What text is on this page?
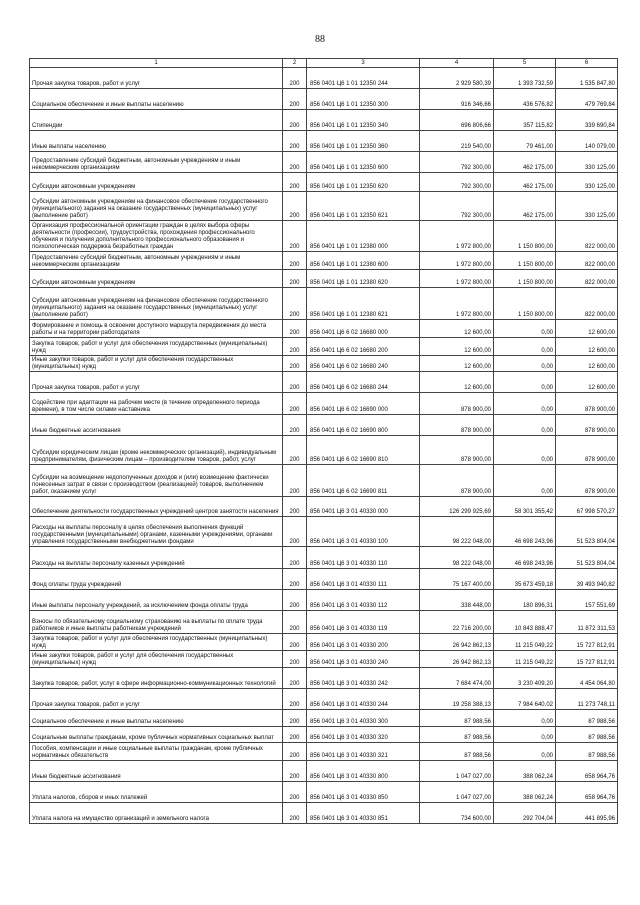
88
1	2	3	4	5	6
Прочая закупка товаров, работ и услуг	200	856 0401 Ц6 1 01 12350 244	2 929 580,39	1 393 732,59	1 535 847,80
Социальное обеспечение и иные выплаты населению	200	856 0401 Ц6 1 01 12350 300	916 346,66	436 576,82	479 769,84
Стипендии	200	856 0401 Ц6 1 01 12350 340	696 806,66	357 115,82	339 690,84
Иные выплаты населению	200	856 0401 Ц6 1 01 12350 360	219 540,00	79 461,00	140 079,00
Предоставление субсидий бюджетным, автономным учреждениям и иным некоммерческим организациям	200	856 0401 Ц6 1 01 12350 600	792 300,00	462 175,00	330 125,00
Субсидии автономным учреждениям	200	856 0401 Ц6 1 01 12350 620	792 300,00	462 175,00	330 125,00
Субсидии автономным учреждениям на финансовое обеспечение государственного (муниципального) задания на оказание государственных (муниципальных) услуг (выполнение работ)	200	856 0401 Ц6 1 01 12350 621	792 300,00	462 175,00	330 125,00
Организация профессиональной ориентации граждан в целях выбора сферы деятельности (профессии), трудоустройства, прохождения профессионального обучения и получения дополнительного профессионального образования и психологическая поддержка безработных граждан	200	856 0401 Ц6 1 01 12380 000	1 972 800,00	1 150 800,00	822 000,00
Предоставление субсидий бюджетным, автономным учреждениям и иным некоммерческим организациям	200	856 0401 Ц6 1 01 12380 600	1 972 800,00	1 150 800,00	822 000,00
Субсидии автономным учреждениям	200	856 0401 Ц6 1 01 12380 620	1 972 800,00	1 150 800,00	822 000,00
Субсидии автономным учреждениям на финансовое обеспечение государственного (муниципального) задания на оказание государственных (муниципальных) услуг (выполнение работ)	200	856 0401 Ц6 1 01 12380 621	1 972 800,00	1 150 800,00	822 000,00
Формирование и помощь в освоении доступного маршрута передвижения до места работы и на территории работодателя	200	856 0401 Ц6 6 02 16680 000	12 600,00	0,00	12 600,00
Закупка товаров, работ и услуг для обеспечения государственных (муниципальных) нужд	200	856 0401 Ц6 6 02 16680 200	12 600,00	0,00	12 600,00
Иные закупки товаров, работ и услуг для обеспечения государственных (муниципальных) нужд	200	856 0401 Ц6 6 02 16680 240	12 600,00	0,00	12 600,00
Прочая закупка товаров, работ и услуг	200	856 0401 Ц6 6 02 16680 244	12 600,00	0,00	12 600,00
Содействие при адаптации на рабочем месте (в течение определенного периода времени), в том числе силами наставника	200	856 0401 Ц6 6 02 16690 000	878 900,00	0,00	878 900,00
Иные бюджетные ассигнования	200	856 0401 Ц6 6 02 16690 800	878 900,00	0,00	878 900,00
Субсидии юридическим лицам (кроме некоммерческих организаций), индивидуальным предпринимателям, физическим лицам – производителям товаров, работ, услуг	200	856 0401 Ц6 6 02 16690 810	878 900,00	0,00	878 900,00
Субсидии на возмещение недополученных доходов и (или) возмещение фактически понесенных затрат в связи с производством (реализацией) товаров, выполнением работ, оказанием услуг	200	856 0401 Ц6 6 02 16690 811	878 900,00	0,00	878 900,00
Обеспечение деятельности государственных учреждений центров занятости населения	200	856 0401 Ц6 3 01 40330 000	126 299 925,69	58 301 355,42	67 998 570,27
Расходы на выплаты персоналу в целях обеспечения выполнения функций государственными (муниципальными) органами, казенными учреждениями, органами управления государственными внебюджетными фондами	200	856 0401 Ц6 3 01 40330 100	98 222 048,00	46 698 243,96	51 523 804,04
Расходы на выплаты персоналу казенных учреждений	200	856 0401 Ц6 3 01 40330 110	98 222 048,00	46 698 243,96	51 523 804,04
Фонд оплаты труда учреждений	200	856 0401 Ц6 3 01 40330 111	75 167 400,00	35 673 459,18	39 493 940,82
Иные выплаты персоналу учреждений, за исключением фонда оплаты труда	200	856 0401 Ц6 3 01 40330 112	338 448,00	180 896,31	157 551,69
Взносы по обязательному социальному страхованию на выплаты по оплате труда работников и иные выплаты работникам учреждений	200	856 0401 Ц6 3 01 40330 119	22 716 200,00	10 843 888,47	11 872 311,53
Закупка товаров, работ и услуг для обеспечения государственных (муниципальных) нужд	200	856 0401 Ц6 3 01 40330 200	26 942 862,13	11 215 049,22	15 727 812,91
Иные закупки товаров, работ и услуг для обеспечения государственных (муниципальных) нужд	200	856 0401 Ц6 3 01 40330 240	26 942 862,13	11 215 049,22	15 727 812,91
Закупка товаров, работ, услуг в сфере информационно-коммуникационных технологий	200	856 0401 Ц6 3 01 40330 242	7 684 474,00	3 230 409,20	4 454 064,80
Прочая закупка товаров, работ и услуг	200	856 0401 Ц6 3 01 40330 244	19 258 388,13	7 984 640,02	11 273 748,11
Социальное обеспечение и иные выплаты населению	200	856 0401 Ц6 3 01 40330 300	87 988,56	0,00	87 988,56
Социальные выплаты гражданам, кроме публичных нормативных социальных выплат	200	856 0401 Ц6 3 01 40330 320	87 988,56	0,00	87 988,56
Пособия, компенсации и иные социальные выплаты гражданам, кроме публичных нормативных обязательств	200	856 0401 Ц6 3 01 40330 321	87 988,56	0,00	87 988,56
Иные бюджетные ассигнования	200	856 0401 Ц6 3 01 40330 800	1 047 027,00	388 062,24	658 964,76
Уплата налогов, сборов и иных платежей	200	856 0401 Ц6 3 01 40330 850	1 047 027,00	388 062,24	658 964,76
Уплата налога на имущество организаций и земельного налога	200	856 0401 Ц6 3 01 40330 851	734 600,00	292 704,04	441 895,96
